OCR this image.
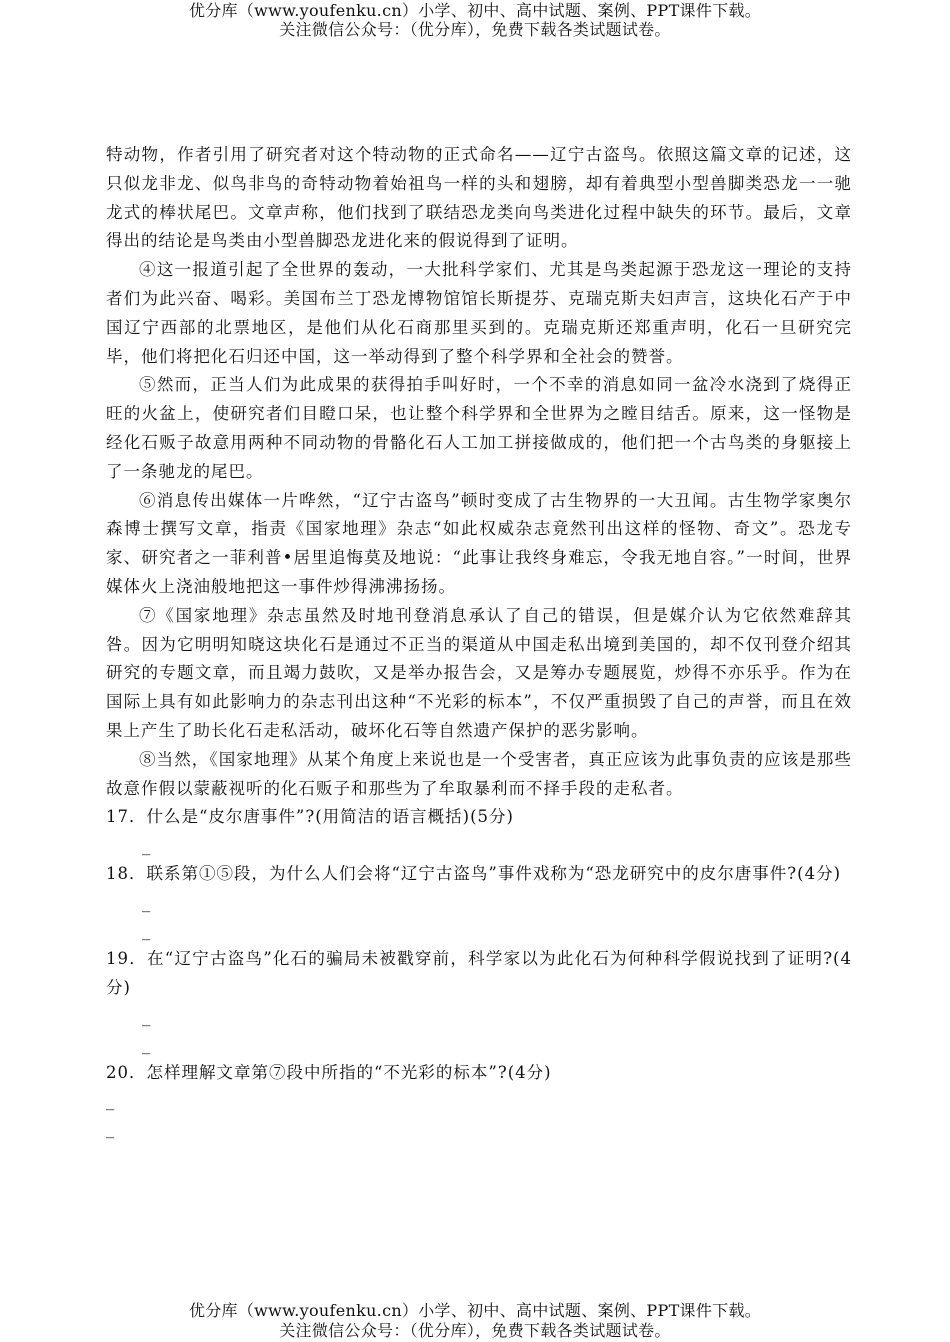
优分库（www.youfenku.cn）小学、初中、高中试题、案例、PPT课件下载。
关注微信公众号：（优分库），免费下载各类试题试卷。

特动物，作者引用了研究者对这个特动物的正式命名——辽宁古盗鸟。依照这篇文章的记述，这只似龙非龙、似鸟非鸟的奇特动物着始祖鸟一样的头和翅膀，却有着典型小型兽脚类恐龙一一驰龙式的棒状尾巴。文章声称，他们找到了联结恐龙类向鸟类进化过程中缺失的环节。最后，文章得出的结论是鸟类由小型兽脚恐龙进化来的假说得到了证明。

④这一报道引起了全世界的轰动，一大批科学家们、尤其是鸟类起源于恐龙这一理论的支持者们为此兴奋、喝彩。美国布兰丁恐龙博物馆馆长斯提芬、克瑞克斯夫妇声言，这块化石产于中国辽宁西部的北票地区，是他们从化石商那里买到的。克瑞克斯还郑重声明，化石一旦研究完毕，他们将把化石归还中国，这一举动得到了整个科学界和全社会的赞誉。

⑤然而，正当人们为此成果的获得拍手叫好时，一个不幸的消息如同一盆冷水浇到了烧得正旺的火盆上，使研究者们目瞪口呆，也让整个科学界和全世界为之瞠目结舌。原来，这一怪物是经化石贩子故意用两种不同动物的骨骼化石人工加工拼接做成的，他们把一个古鸟类的身躯接上了一条驰龙的尾巴。

⑥消息传出媒体一片哗然，“辽宁古盗鸟”顿时变成了古生物界的一大丑闻。古生物学家奥尔森博士撰写文章，指责《国家地理》杂志“如此权威杂志竟然刊出这样的怪物、奇文”。恐龙专家、研究者之一菲利普•居里追悔莫及地说：“此事让我终身难忘，令我无地自容。”一时间，世界媒体火上浇油般地把这一事件炒得沸沸扬扬。

⑦《国家地理》杂志虽然及时地刊登消息承认了自己的错误，但是媒介认为它依然难辞其咎。因为它明明知晓这块化石是通过不正当的渠道从中国走私出境到美国的，却不仅刊登介绍其研究的专题文章，而且竭力鼓吹，又是举办报告会，又是筹办专题展览，炒得不亦乐乎。作为在国际上具有如此影响力的杂志刊出这种“不光彩的标本”，不仅严重损毁了自己的声誉，而且在效果上产生了助长化石走私活动，破坏化石等自然遗产保护的恶劣影响。

⑧当然，《国家地理》从某个角度上来说也是一个受害者，真正应该为此事负责的应该是那些故意作假以蒙蔽视听的化石贩子和那些为了牟取暴利而不择手段的走私者。

17．什么是“皮尔唐事件”?(用简洁的语言概括)(5分)

_

18．联系第①⑤段，为什么人们会将“辽宁古盗鸟”事件戏称为“恐龙研究中的皮尔唐事件?(4分)

_
_

19．在“辽宁古盗鸟”化石的骗局未被戳穿前，科学家以为此化石为何种科学假说找到了证明?(4分)

_
_

20．怎样理解文章第⑦段中所指的“不光彩的标本”?(4分)

_
_
优分库（www.youfenku.cn）小学、初中、高中试题、案例、PPT课件下载。
关注微信公众号：（优分库），免费下载各类试题试卷。
